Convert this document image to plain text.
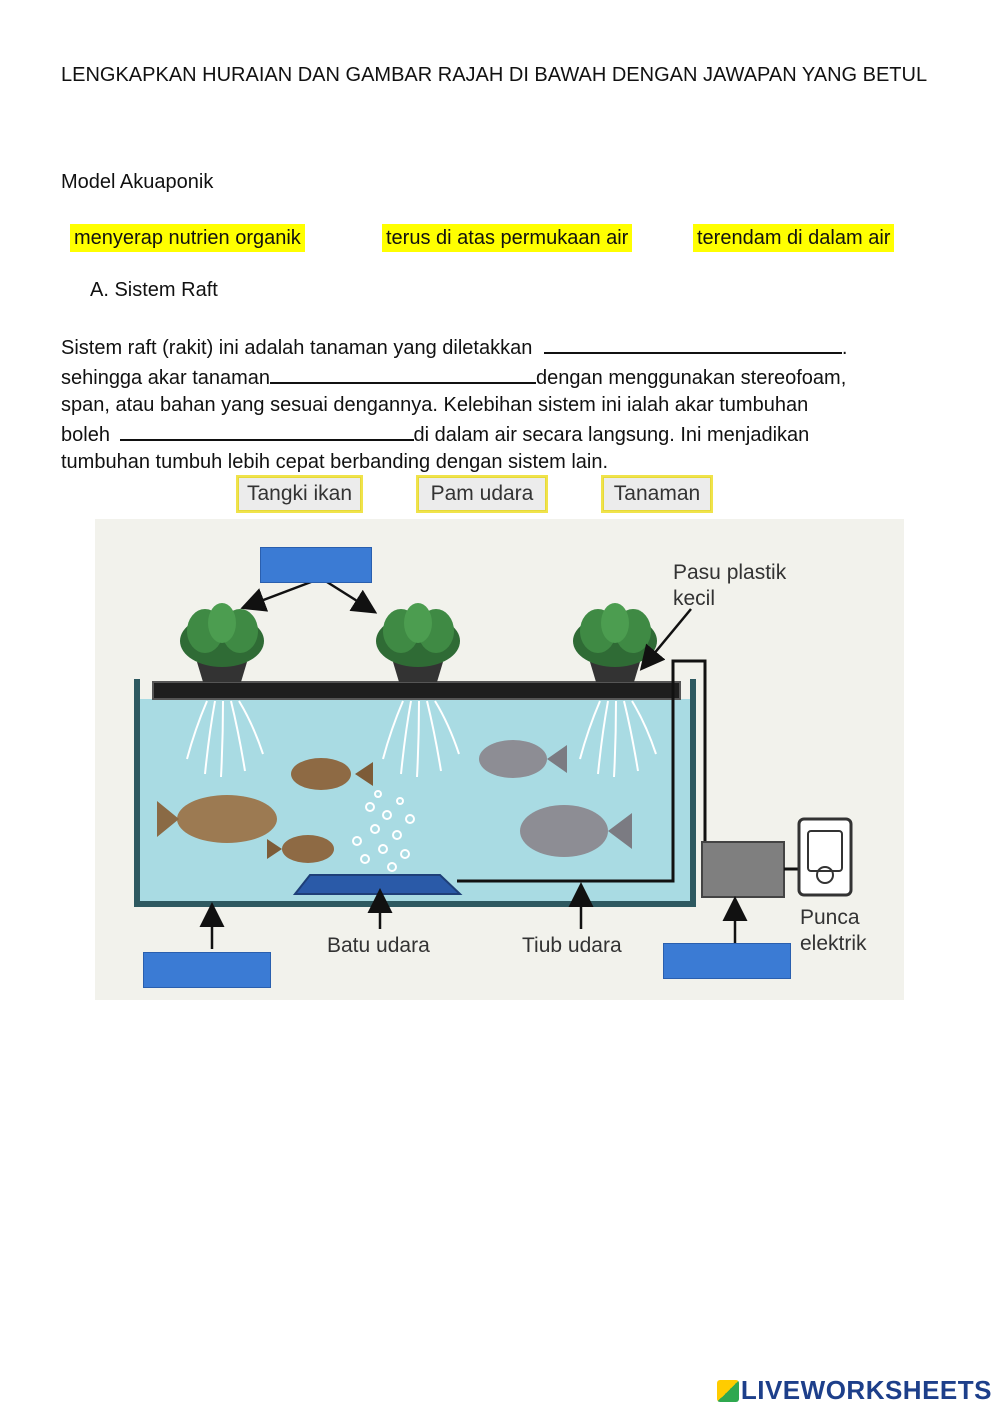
LENGKAPKAN HURAIAN DAN GAMBAR RAJAH DI BAWAH DENGAN JAWAPAN YANG BETUL
Model Akuaponik
menyerap nutrien organik	terus di atas permukaan air	terendam di dalam air
A. Sistem Raft
Sistem raft (rakit) ini adalah tanaman yang diletakkan	.
sehingga akar tanaman	dengan menggunakan stereofoam,
span, atau bahan yang sesuai dengannya. Kelebihan sistem ini ialah akar tumbuhan
boleh	di dalam air secara langsung. Ini menjadikan
tumbuhan tumbuh lebih cepat berbanding dengan sistem lain.
Tangki ikan	Pam udara	Tanaman
Pasu plastik
kecil
Batu udara	Tiub udara
Punca
elektrik
LIVEWORKSHEETS
